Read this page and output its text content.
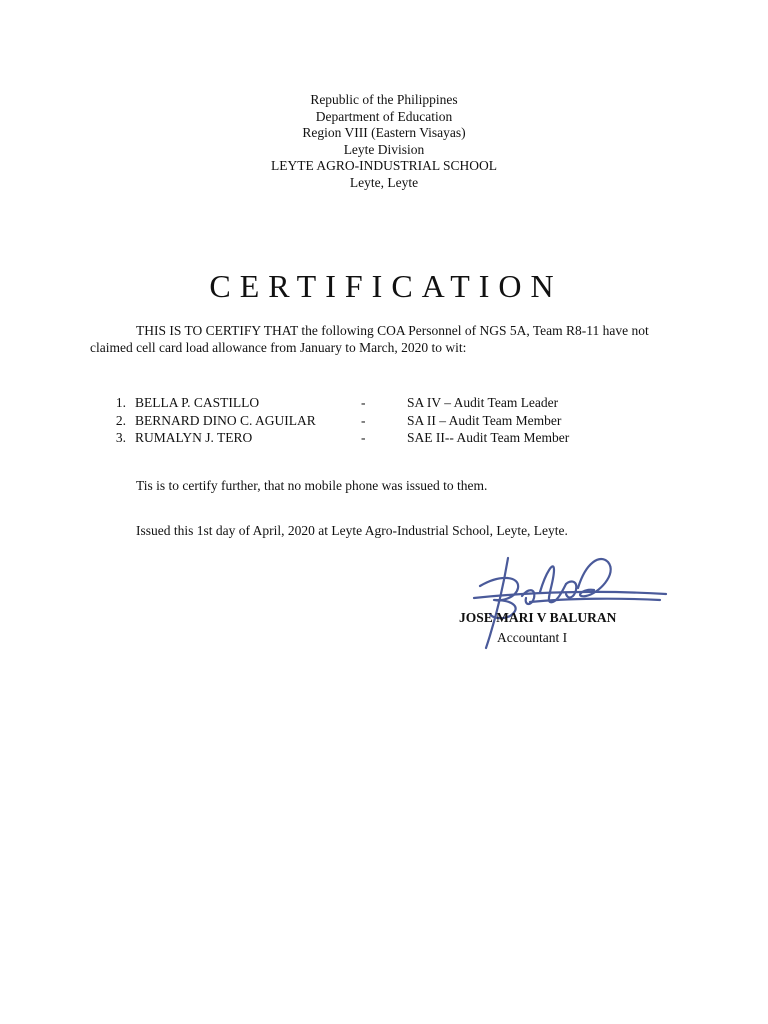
Republic of the Philippines
Department of Education
Region VIII (Eastern Visayas)
Leyte Division
LEYTE AGRO-INDUSTRIAL SCHOOL
Leyte, Leyte
CERTIFICATION
THIS IS TO CERTIFY THAT the following COA Personnel of NGS 5A, Team R8-11 have not
claimed cell card load allowance from January to March, 2020 to wit:
1. BELLA P. CASTILLO	-	SA IV – Audit Team Leader
2. BERNARD DINO C. AGUILAR	-	SA II – Audit Team Member
3. RUMALYN J. TERO	-	SAE II-- Audit Team Member
Tis is to certify further, that no mobile phone was issued to them.
Issued this 1st day of April, 2020 at Leyte Agro-Industrial School, Leyte, Leyte.
JOSE MARI V BALURAN
Accountant I
